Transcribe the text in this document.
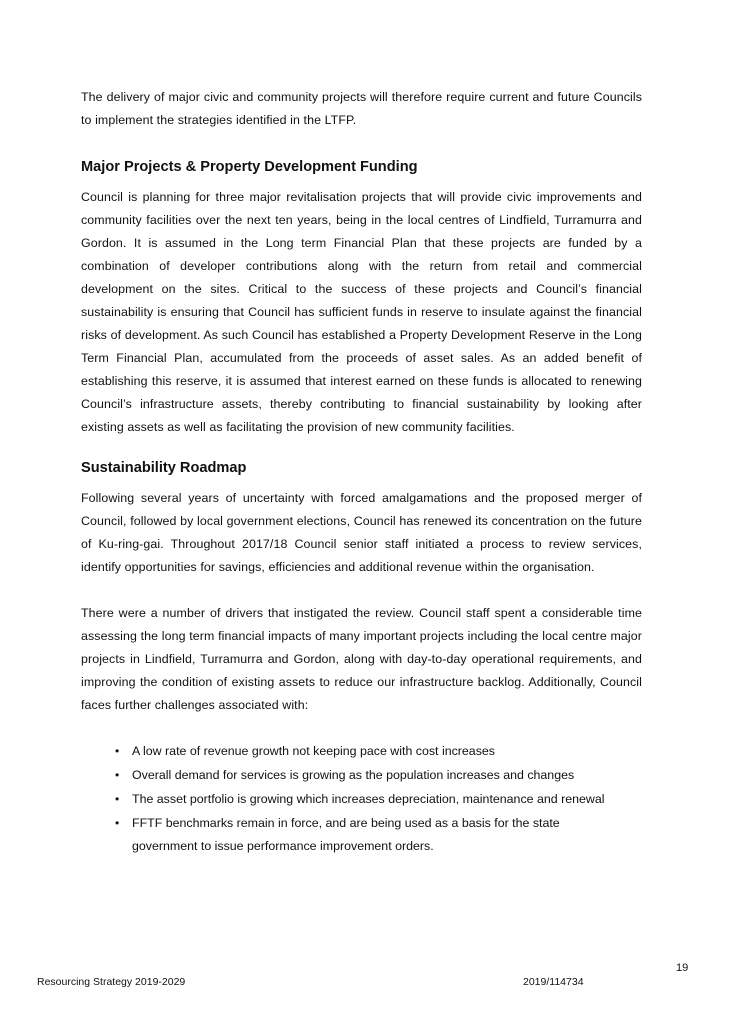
The delivery of major civic and community projects will therefore require current and future Councils to implement the strategies identified in the LTFP.

Major Projects & Property Development Funding

Council is planning for three major revitalisation projects that will provide civic improvements and community facilities over the next ten years, being in the local centres of Lindfield, Turramurra and Gordon. It is assumed in the Long term Financial Plan that these projects are funded by a combination of developer contributions along with the return from retail and commercial development on the sites. Critical to the success of these projects and Council’s financial sustainability is ensuring that Council has sufficient funds in reserve to insulate against the financial risks of development. As such Council has established a Property Development Reserve in the Long Term Financial Plan, accumulated from the proceeds of asset sales. As an added benefit of establishing this reserve, it is assumed that interest earned on these funds is allocated to renewing Council’s infrastructure assets, thereby contributing to financial sustainability by looking after existing assets as well as facilitating the provision of new community facilities.

Sustainability Roadmap

Following several years of uncertainty with forced amalgamations and the proposed merger of Council, followed by local government elections, Council has renewed its concentration on the future of Ku-ring-gai. Throughout 2017/18 Council senior staff initiated a process to review services, identify opportunities for savings, efficiencies and additional revenue within the organisation.

There were a number of drivers that instigated the review. Council staff spent a considerable time assessing the long term financial impacts of many important projects including the local centre major projects in Lindfield, Turramurra and Gordon, along with day-to-day operational requirements, and improving the condition of existing assets to reduce our infrastructure backlog. Additionally, Council faces further challenges associated with:

• A low rate of revenue growth not keeping pace with cost increases
• Overall demand for services is growing as the population increases and changes
• The asset portfolio is growing which increases depreciation, maintenance and renewal
• FFTF benchmarks remain in force, and are being used as a basis for the state government to issue performance improvement orders.
19
Resourcing Strategy 2019-2029	2019/114734
